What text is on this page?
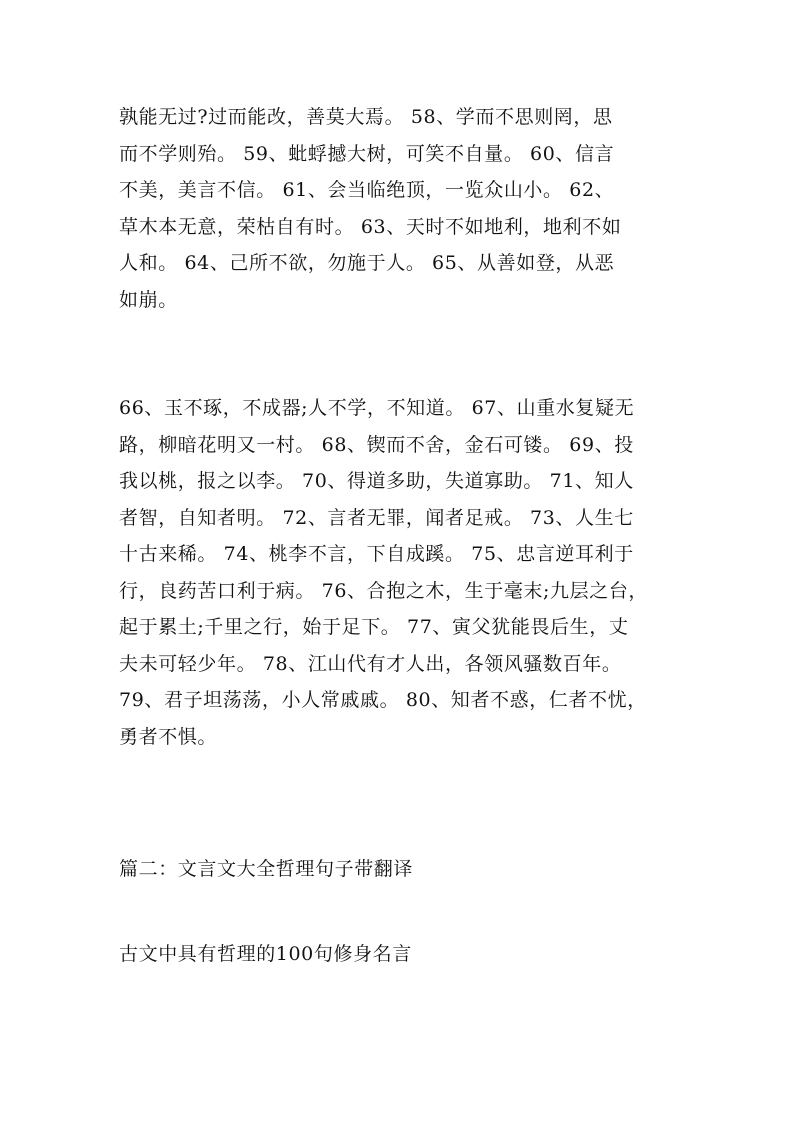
孰能无过?过而能改，善莫大焉。 58、学而不思则罔，思
而不学则殆。 59、蚍蜉撼大树，可笑不自量。 60、信言
不美，美言不信。 61、会当临绝顶，一览众山小。 62、
草木本无意，荣枯自有时。 63、天时不如地利，地利不如
人和。 64、己所不欲，勿施于人。 65、从善如登，从恶
如崩。

66、玉不琢，不成器;人不学，不知道。 67、山重水复疑无
路，柳暗花明又一村。 68、锲而不舍，金石可镂。 69、投
我以桃，报之以李。 70、得道多助，失道寡助。 71、知人
者智，自知者明。 72、言者无罪，闻者足戒。 73、人生七
十古来稀。 74、桃李不言，下自成蹊。 75、忠言逆耳利于
行，良药苦口利于病。 76、合抱之木，生于毫末;九层之台，
起于累土;千里之行，始于足下。 77、寅父犹能畏后生，丈
夫未可轻少年。 78、江山代有才人出，各领风骚数百年。
79、君子坦荡荡，小人常戚戚。 80、知者不惑，仁者不忧，
勇者不惧。

篇二：文言文大全哲理句子带翻译

古文中具有哲理的100句修身名言
